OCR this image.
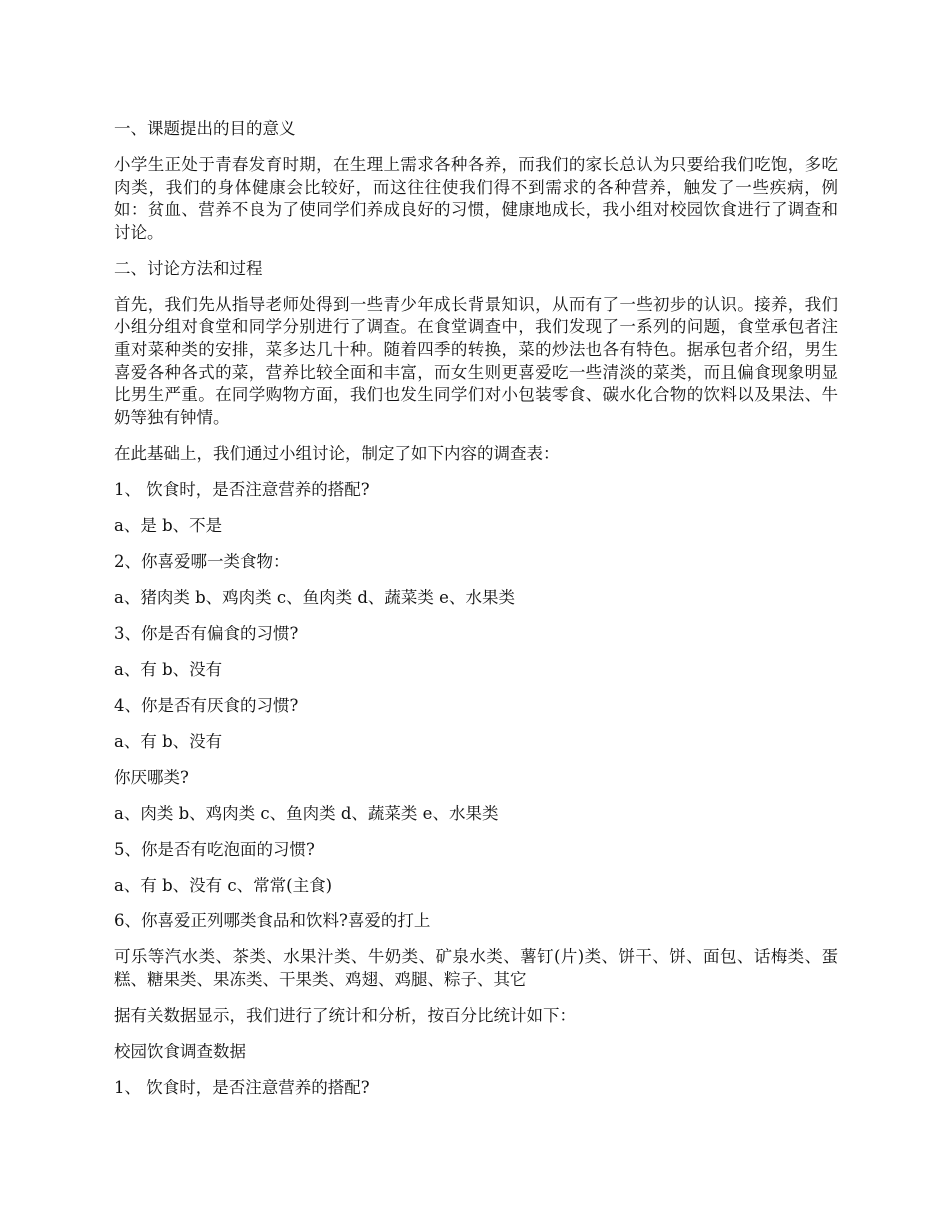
一、课题提出的目的意义

小学生正处于青春发育时期，在生理上需求各种各养，而我们的家长总认为只要给我们吃饱，多吃肉类，我们的身体健康会比较好，而这往往使我们得不到需求的各种营养，触发了一些疾病，例如：贫血、营养不良为了使同学们养成良好的习惯，健康地成长，我小组对校园饮食进行了调查和讨论。

二、讨论方法和过程

首先，我们先从指导老师处得到一些青少年成长背景知识，从而有了一些初步的认识。接养，我们小组分组对食堂和同学分别进行了调查。在食堂调查中，我们发现了一系列的问题，食堂承包者注重对菜种类的安排，菜多达几十种。随着四季的转换，菜的炒法也各有特色。据承包者介绍，男生喜爱各种各式的菜，营养比较全面和丰富，而女生则更喜爱吃一些清淡的菜类，而且偏食现象明显比男生严重。在同学购物方面，我们也发生同学们对小包装零食、碳水化合物的饮料以及果法、牛奶等独有钟情。

在此基础上，我们通过小组讨论，制定了如下内容的调查表：

1、 饮食时，是否注意营养的搭配?

a、是 b、不是

2、你喜爱哪一类食物：

a、猪肉类 b、鸡肉类 c、鱼肉类 d、蔬菜类 e、水果类

3、你是否有偏食的习惯?

a、有 b、没有

4、你是否有厌食的习惯?

a、有 b、没有

你厌哪类?

a、肉类 b、鸡肉类 c、鱼肉类 d、蔬菜类 e、水果类

5、你是否有吃泡面的习惯?

a、有 b、没有 c、常常(主食)

6、你喜爱正列哪类食品和饮料?喜爱的打上

可乐等汽水类、茶类、水果汁类、牛奶类、矿泉水类、薯钉(片)类、饼干、饼、面包、话梅类、蛋糕、糖果类、果冻类、干果类、鸡翅、鸡腿、粽子、其它

据有关数据显示，我们进行了统计和分析，按百分比统计如下：

校园饮食调查数据

1、 饮食时，是否注意营养的搭配?
